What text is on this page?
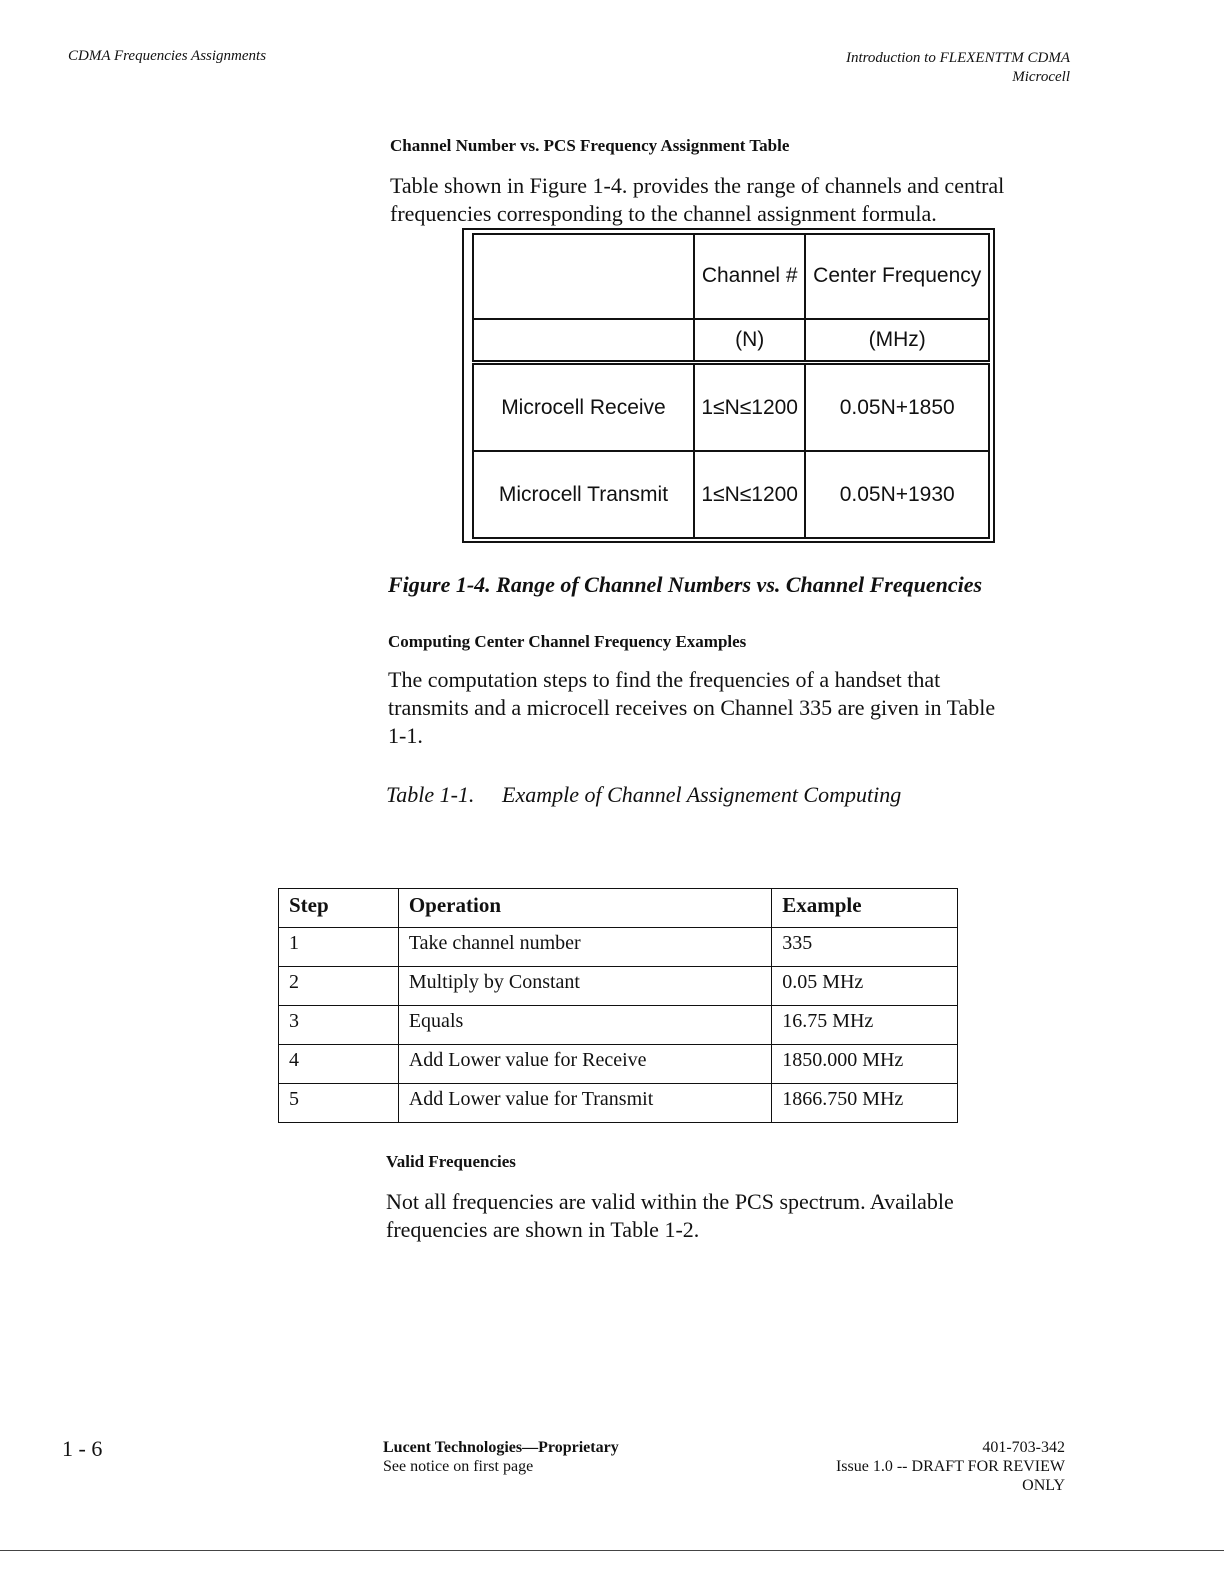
CDMA Frequencies Assignments	Introduction to FLEXENTTM CDMA
Microcell
Channel Number vs. PCS Frequency Assignment Table
Table shown in Figure 1-4. provides the range of channels and central
frequencies corresponding to the channel assignment formula.
	Channel #	Center Frequency
	(N)	(MHz)
Microcell Receive	1≤N≤1200	0.05N+1850
Microcell Transmit	1≤N≤1200	0.05N+1930
Figure 1-4. Range of Channel Numbers vs. Channel Frequencies
Computing Center Channel Frequency Examples
The computation steps to find the frequencies of a handset that
transmits and a microcell receives on Channel 335 are given in Table
1-1.
Table 1-1. Example of Channel Assignement Computing
Step	Operation	Example
1	Take channel number	335
2	Multiply by Constant	0.05 MHz
3	Equals	16.75 MHz
4	Add Lower value for Receive	1850.000 MHz
5	Add Lower value for Transmit	1866.750 MHz
Valid Frequencies
Not all frequencies are valid within the PCS spectrum. Available
frequencies are shown in Table 1-2.
1 - 6	Lucent Technologies—Proprietary
See notice on first page
401-703-342
Issue 1.0 -- DRAFT FOR REVIEW
ONLY
